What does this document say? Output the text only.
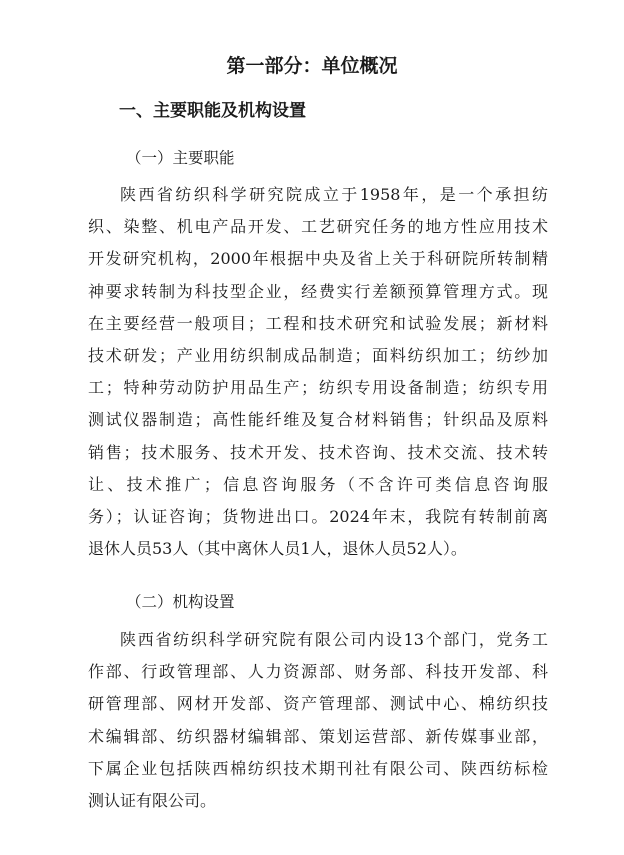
第一部分：单位概况
一、主要职能及机构设置
（一）主要职能
陕西省纺织科学研究院成立于1958年，是一个承担纺
织、染整、机电产品开发、工艺研究任务的地方性应用技术
开发研究机构，2000年根据中央及省上关于科研院所转制精
神要求转制为科技型企业，经费实行差额预算管理方式。现
在主要经营一般项目；工程和技术研究和试验发展；新材料
技术研发；产业用纺织制成品制造；面料纺织加工；纺纱加
工；特种劳动防护用品生产；纺织专用设备制造；纺织专用
测试仪器制造；高性能纤维及复合材料销售；针织品及原料
销售；技术服务、技术开发、技术咨询、技术交流、技术转
让、技术推广；信息咨询服务（不含许可类信息咨询服
务）；认证咨询；货物进出口。2024年末，我院有转制前离
退休人员53人（其中离休人员1人，退休人员52人）。
（二）机构设置
陕西省纺织科学研究院有限公司内设13个部门，党务工
作部、行政管理部、人力资源部、财务部、科技开发部、科
研管理部、网材开发部、资产管理部、测试中心、棉纺织技
术编辑部、纺织器材编辑部、策划运营部、新传媒事业部，
下属企业包括陕西棉纺织技术期刊社有限公司、陕西纺标检
测认证有限公司。
